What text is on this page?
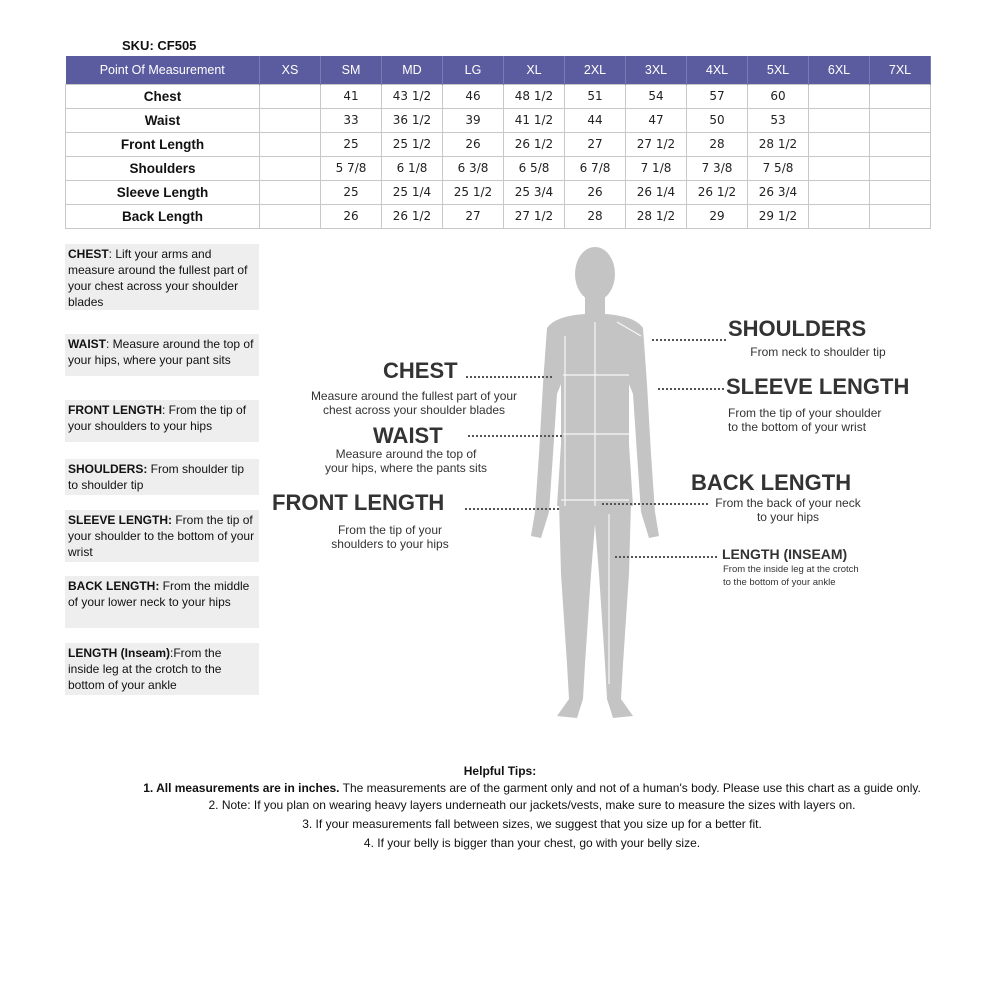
SKU: CF505
Point Of Measurement	XS	SM	MD	LG	XL	2XL	3XL	4XL	5XL	6XL	7XL
Chest		41	43 1/2	46	48 1/2	51	54	57	60		
Waist		33	36 1/2	39	41 1/2	44	47	50	53		
Front Length		25	25 1/2	26	26 1/2	27	27 1/2	28	28 1/2		
Shoulders		5 7/8	6 1/8	6 3/8	6 5/8	6 7/8	7 1/8	7 3/8	7 5/8		
Sleeve Length		25	25 1/4	25 1/2	25 3/4	26	26 1/4	26 1/2	26 3/4		
Back Length		26	26 1/2	27	27 1/2	28	28 1/2	29	29 1/2		
CHEST: Lift your arms and measure around the fullest part of your chest across your shoulder blades
WAIST: Measure around the top of your hips, where your pant sits
FRONT LENGTH: From the tip of your shoulders to your hips
SHOULDERS: From shoulder tip to shoulder tip
SLEEVE LENGTH: From the tip of your shoulder to the bottom of your wrist
BACK LENGTH: From the middle of your lower neck to your hips
LENGTH (Inseam):From the inside leg at the crotch to the bottom of your ankle
CHEST
Measure around the fullest part of your
chest across your shoulder blades
WAIST
Measure around the top of
your hips, where the pants sits
FRONT LENGTH
From the tip of your
shoulders to your hips
SHOULDERS
From neck to shoulder tip
SLEEVE LENGTH
From the tip of your shoulder
to the bottom of your wrist
BACK LENGTH
From the back of your neck
to your hips
LENGTH (INSEAM)
From the inside leg at the crotch
to the bottom of your ankle
Helpful Tips:
1. All measurements are in inches. The measurements are of the garment only and not of a human's body. Please use this chart as a guide only.
2. Note: If you plan on wearing heavy layers underneath our jackets/vests, make sure to measure the sizes with layers on.
3. If your measurements fall between sizes, we suggest that you size up for a better fit.
4. If your belly is bigger than your chest, go with your belly size.
